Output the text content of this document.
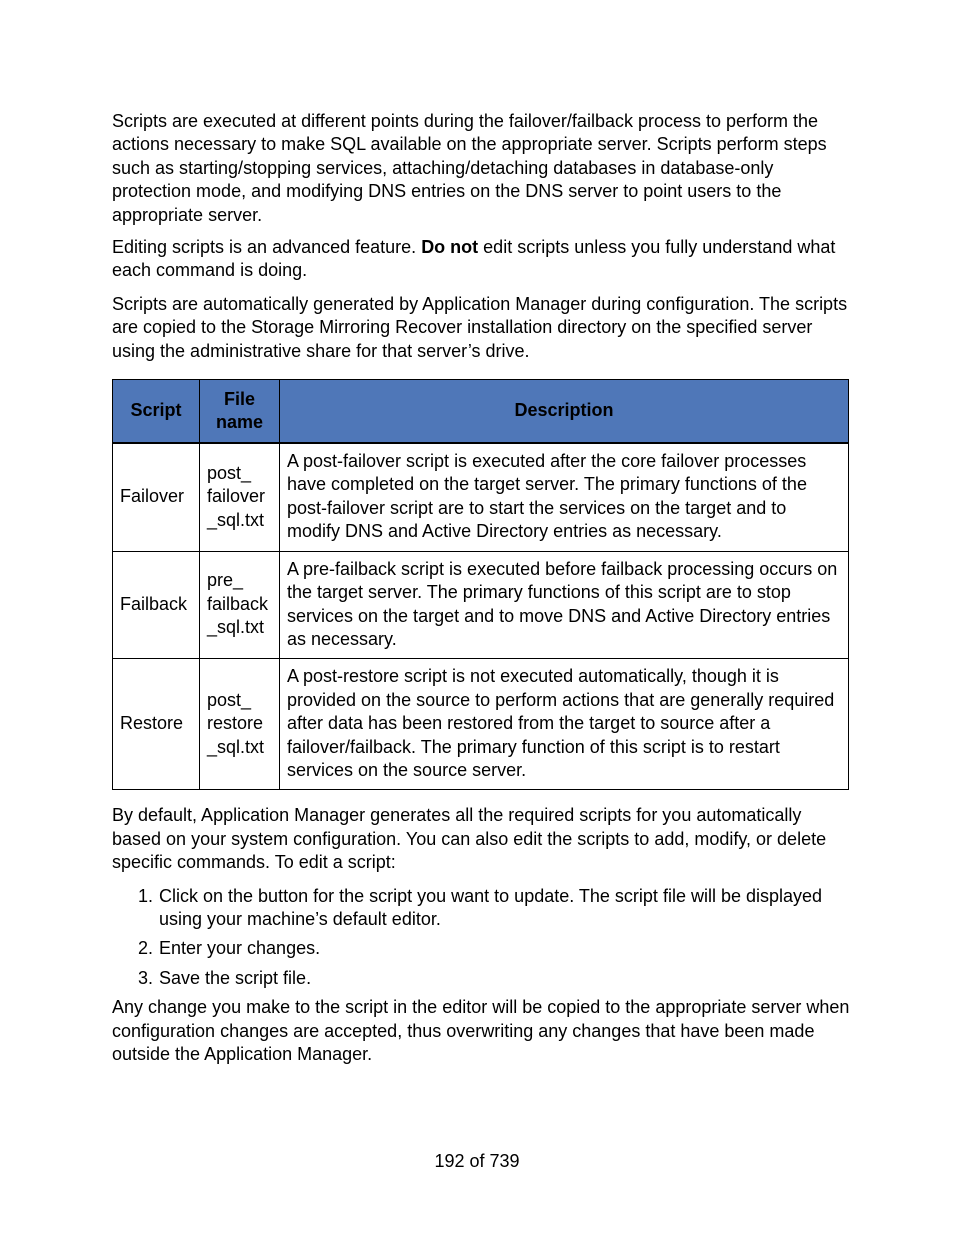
Scripts are executed at different points during the failover/failback process to perform the actions necessary to make SQL available on the appropriate server. Scripts perform steps such as starting/stopping services, attaching/detaching databases in database-only protection mode, and modifying DNS entries on the DNS server to point users to the appropriate server.

Editing scripts is an advanced feature. Do not edit scripts unless you fully understand what each command is doing.

Scripts are automatically generated by Application Manager during configuration. The scripts are copied to the Storage Mirroring Recover installation directory on the specified server using the administrative share for that server’s drive.

Script	File name	Description
Failover	post_ failover _sql.txt	A post-failover script is executed after the core failover processes have completed on the target server. The primary functions of the post-failover script are to start the services on the target and to modify DNS and Active Directory entries as necessary.
Failback	pre_ failback _sql.txt	A pre-failback script is executed before failback processing occurs on the target server. The primary functions of this script are to stop services on the target and to move DNS and Active Directory entries as necessary.
Restore	post_ restore _sql.txt	A post-restore script is not executed automatically, though it is provided on the source to perform actions that are generally required after data has been restored from the target to source after a failover/failback. The primary function of this script is to restart services on the source server.

By default, Application Manager generates all the required scripts for you automatically based on your system configuration. You can also edit the scripts to add, modify, or delete specific commands. To edit a script:

1. Click on the button for the script you want to update. The script file will be displayed using your machine’s default editor.
2. Enter your changes.
3. Save the script file.

Any change you make to the script in the editor will be copied to the appropriate server when configuration changes are accepted, thus overwriting any changes that have been made outside the Application Manager.

192 of 739
